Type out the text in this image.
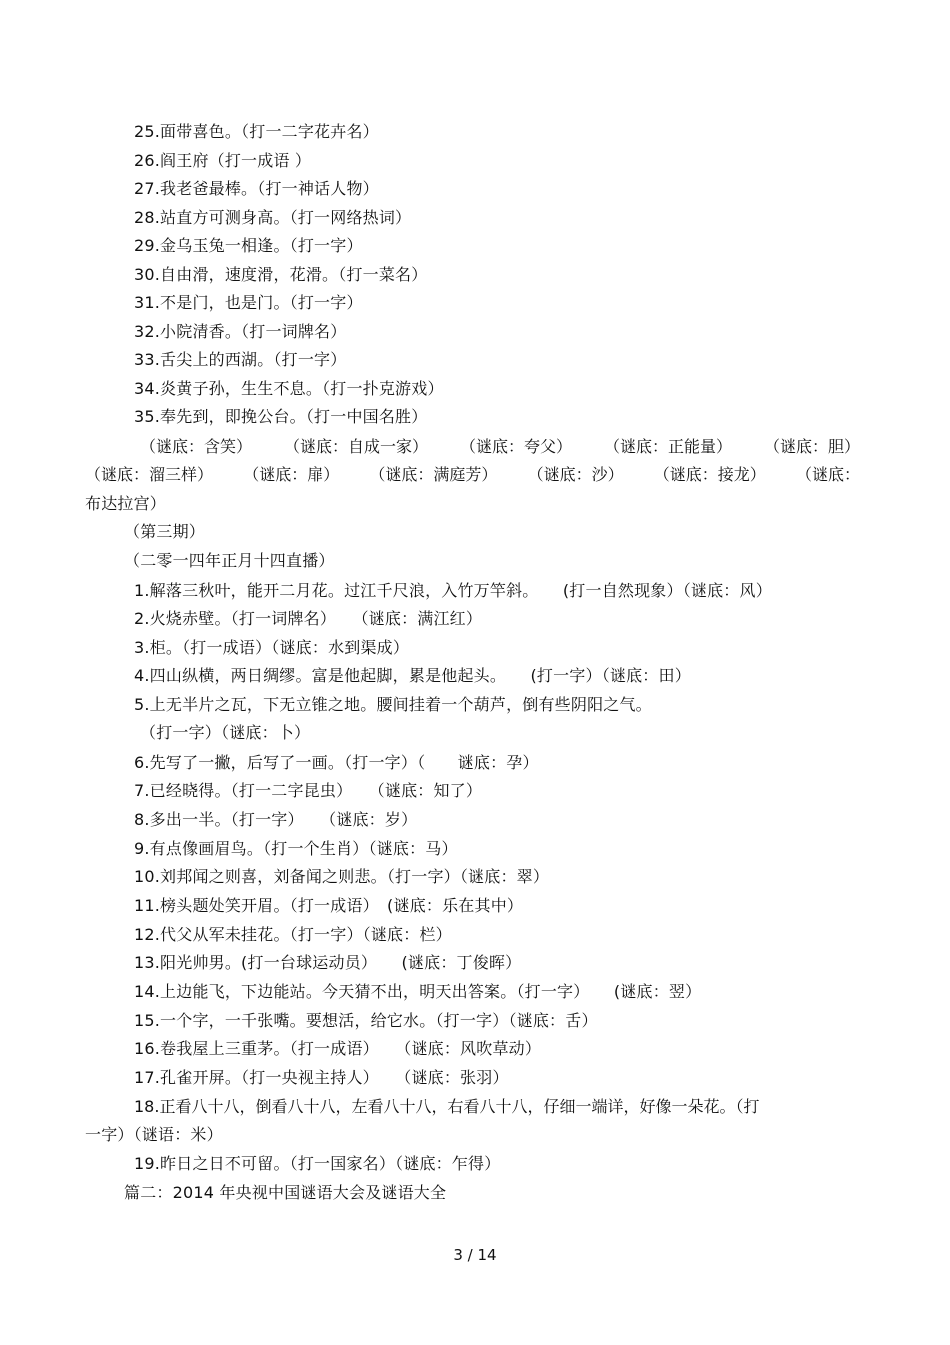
25.面带喜色。（打一二字花卉名）
26.阎王府（打一成语 ）
27.我老爸最棒。（打一神话人物）
28.站直方可测身高。（打一网络热词）
29.金乌玉兔一相逢。（打一字）
30.自由滑，速度滑，花滑。（打一菜名）
31.不是门，也是门。（打一字）
32.小院清香。（打一词牌名）
33.舌尖上的西湖。（打一字）
34.炎黄子孙，生生不息。（打一扑克游戏）
35.奉先到，即挽公台。（打一中国名胜）
（谜底：含笑） （谜底：自成一家） （谜底：夸父） （谜底：正能量） （谜底：胆）
（谜底：溜三样） （谜底：扉） （谜底：满庭芳） （谜底：沙） （谜底：接龙） （谜底：
布达拉宫）
（第三期）
（二零一四年正月十四直播）
1.解落三秋叶，能开二月花。过江千尺浪，入竹万竿斜。　　(打一自然现象）（谜底：风）
2.火烧赤壁。（打一词牌名）　　（谜底：满江红）
3.柜。（打一成语）（谜底：水到渠成）
4.四山纵横，两日绸缪。富是他起脚，累是他起头。　　(打一字）（谜底：田）
5.上无半片之瓦，下无立锥之地。腰间挂着一个葫芦，倒有些阴阳之气。
（打一字）（谜底：卜）
6.先写了一撇，后写了一画。（打一字）（　　谜底：孕）
7.已经晓得。（打一二字昆虫）　　（谜底：知了）
8.多出一半。（打一字）　　（谜底：岁）
9.有点像画眉鸟。（打一个生肖）（谜底：马）
10.刘邦闻之则喜，刘备闻之则悲。（打一字）（谜底：翠）
11.榜头题处笑开眉。（打一成语）　(谜底：乐在其中）
12.代父从军未挂花。（打一字）（谜底：栏）
13.阳光帅男。(打一台球运动员）　　(谜底：丁俊晖）
14.上边能飞，下边能站。今天猜不出，明天出答案。（打一字）　　(谜底：翌）
15.一个字，一千张嘴。要想活，给它水。（打一字）（谜底：舌）
16.卷我屋上三重茅。（打一成语）　　（谜底：风吹草动）
17.孔雀开屏。（打一央视主持人）　　（谜底：张羽）
18.正看八十八，倒看八十八，左看八十八，右看八十八，仔细一端详，好像一朵花。（打
一字）（谜语：米）
19.昨日之日不可留。（打一国家名）（谜底：乍得）
篇二：2014 年央视中国谜语大会及谜语大全
3 / 14
